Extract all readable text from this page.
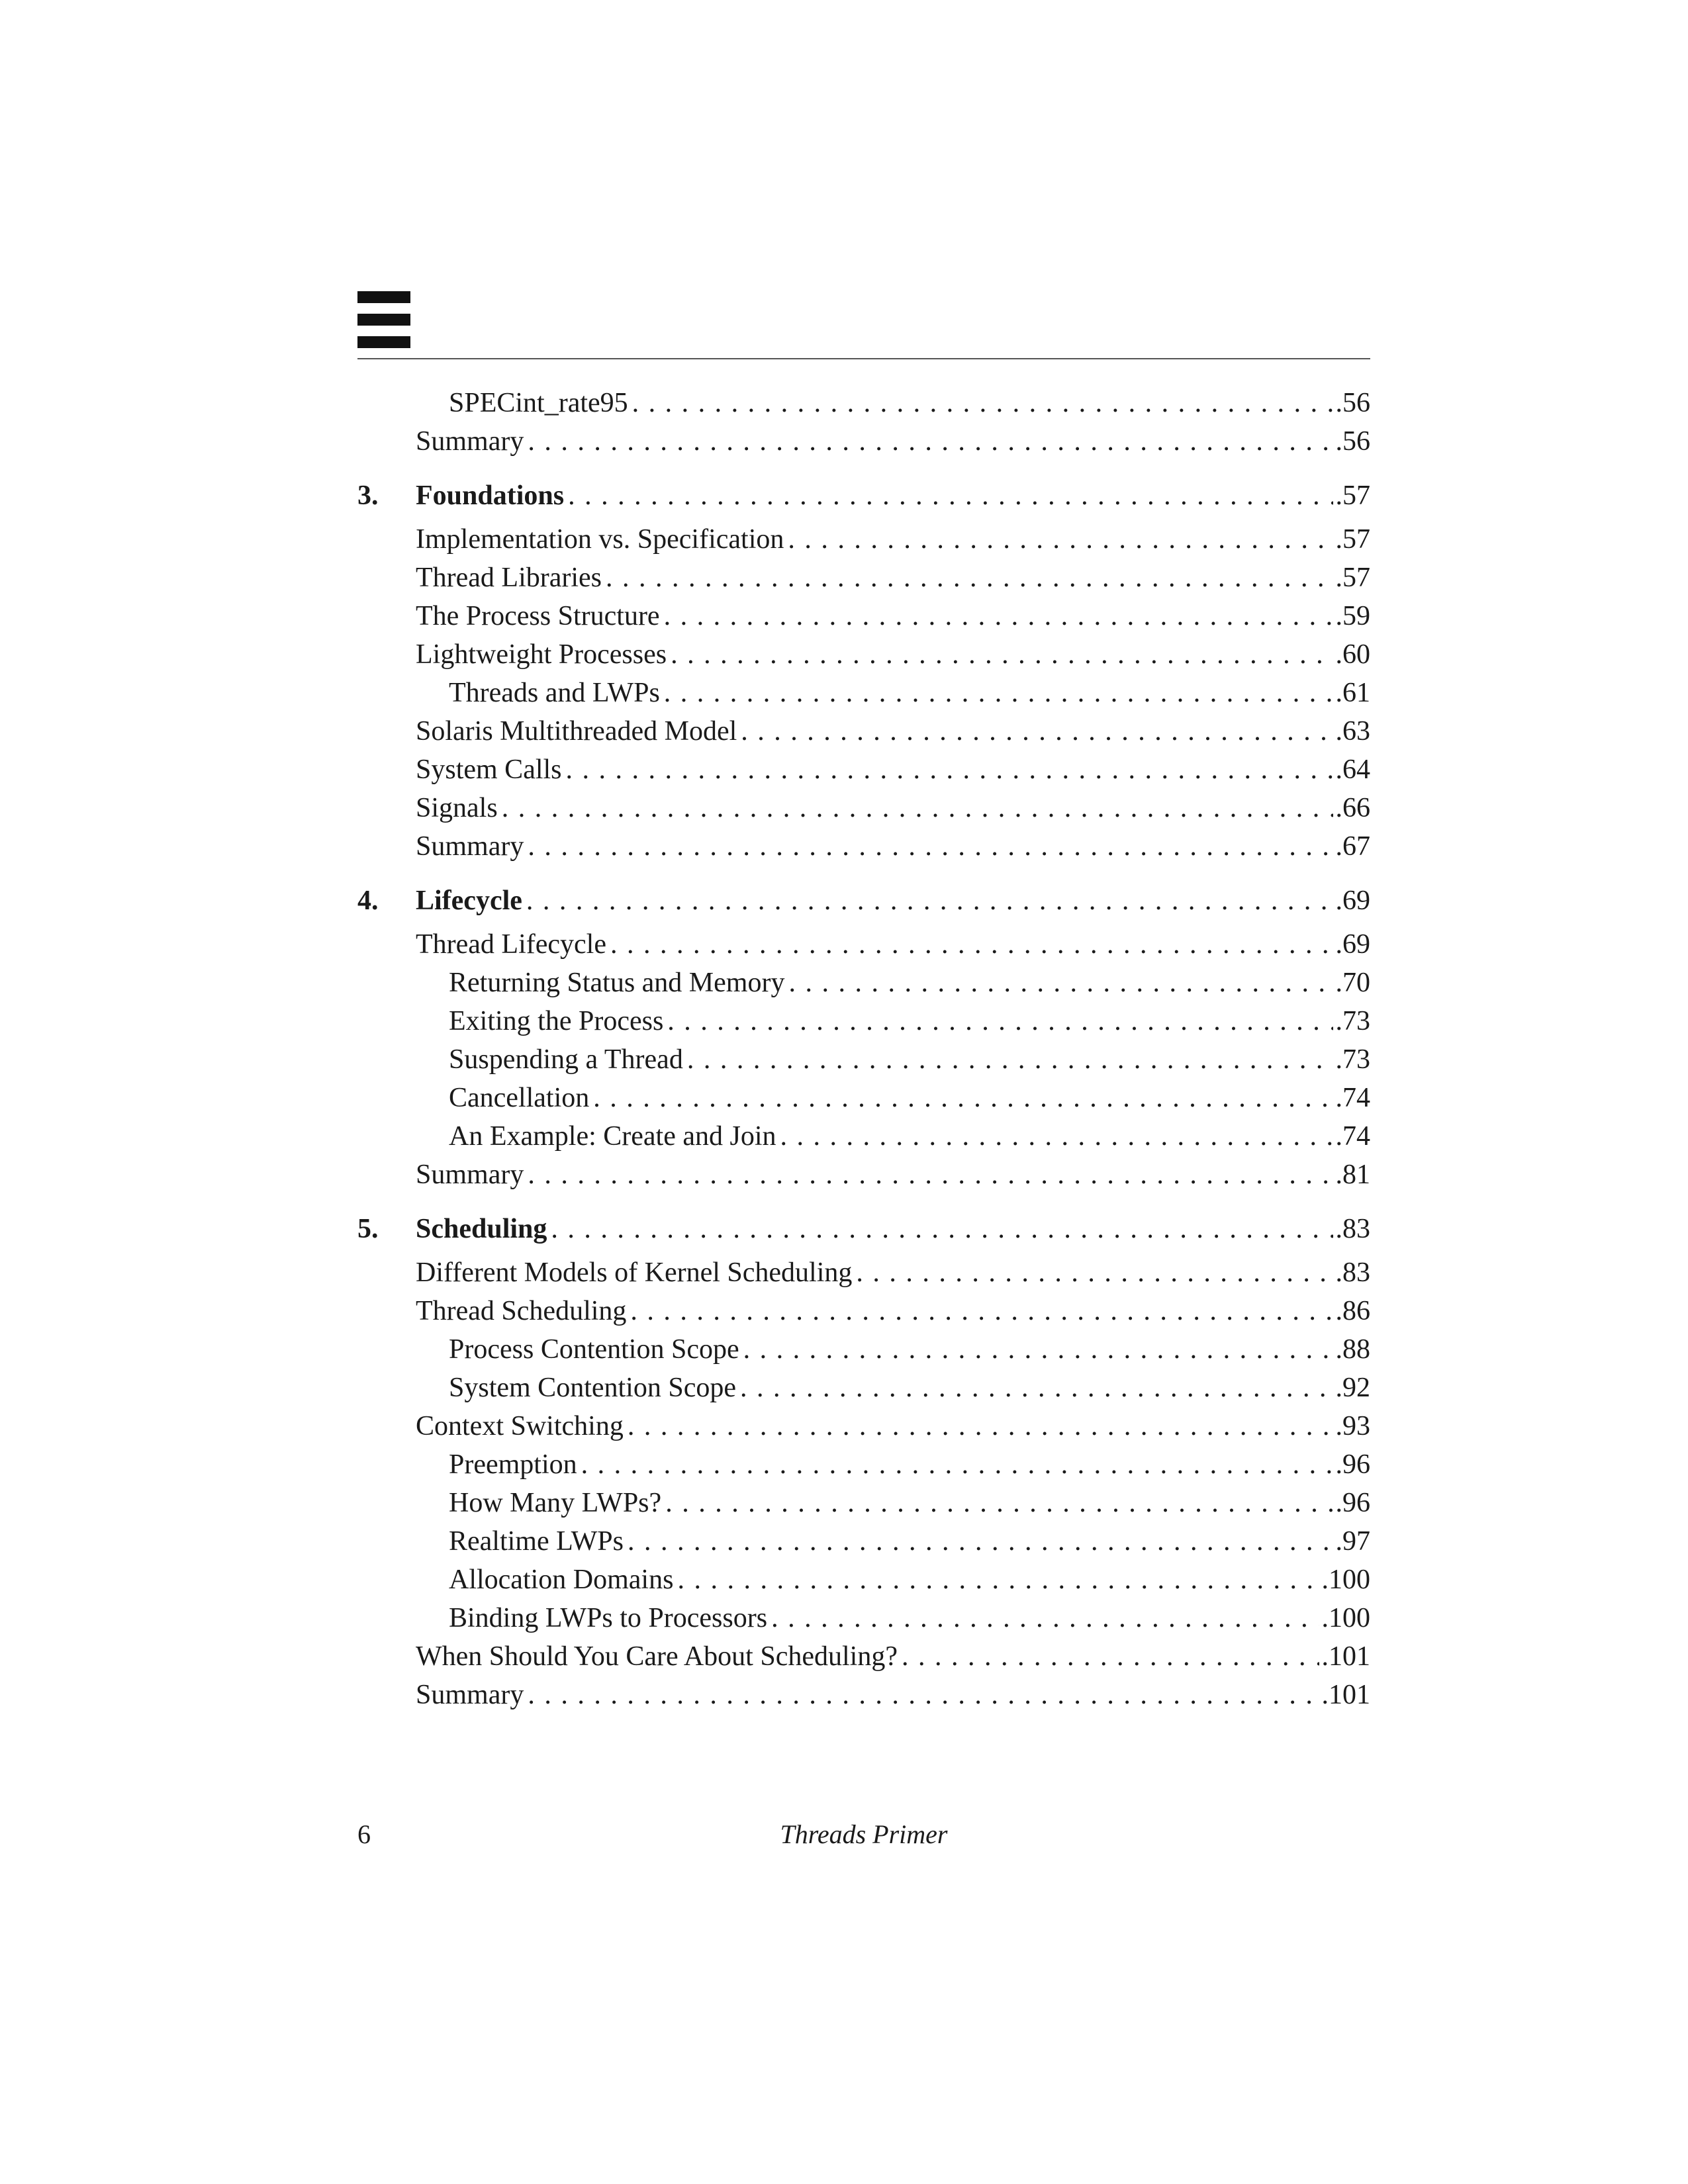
SPECint_rate95 . . .	.56
Summary . . .	.56
3.	Foundations . . .	.57
Implementation vs. Specification . . .	.57
Thread Libraries . . .	.57
The Process Structure . . .	.59
Lightweight Processes . . .	.60
Threads and LWPs . . .	.61
Solaris Multithreaded Model . . .	.63
System Calls . . .	.64
Signals . . .	.66
Summary . . .	.67
4.	Lifecycle . . .	.69
Thread Lifecycle . . .	.69
Returning Status and Memory . . .	.70
Exiting the Process . . .	.73
Suspending a Thread . . .	.73
Cancellation . . .	.74
An Example: Create and Join . . .	.74
Summary . . .	.81
5.	Scheduling . . .	.83
Different Models of Kernel Scheduling . . .	.83
Thread Scheduling . . .	.86
Process Contention Scope . . .	.88
System Contention Scope . . .	.92
Context Switching . . .	.93
Preemption . . .	.96
How Many LWPs? . . .	.96
Realtime LWPs . . .	.97
Allocation Domains . . .	.100
Binding LWPs to Processors . . .	.100
When Should You Care About Scheduling? . . .	.101
Summary . . .	.101
6	Threads Primer
